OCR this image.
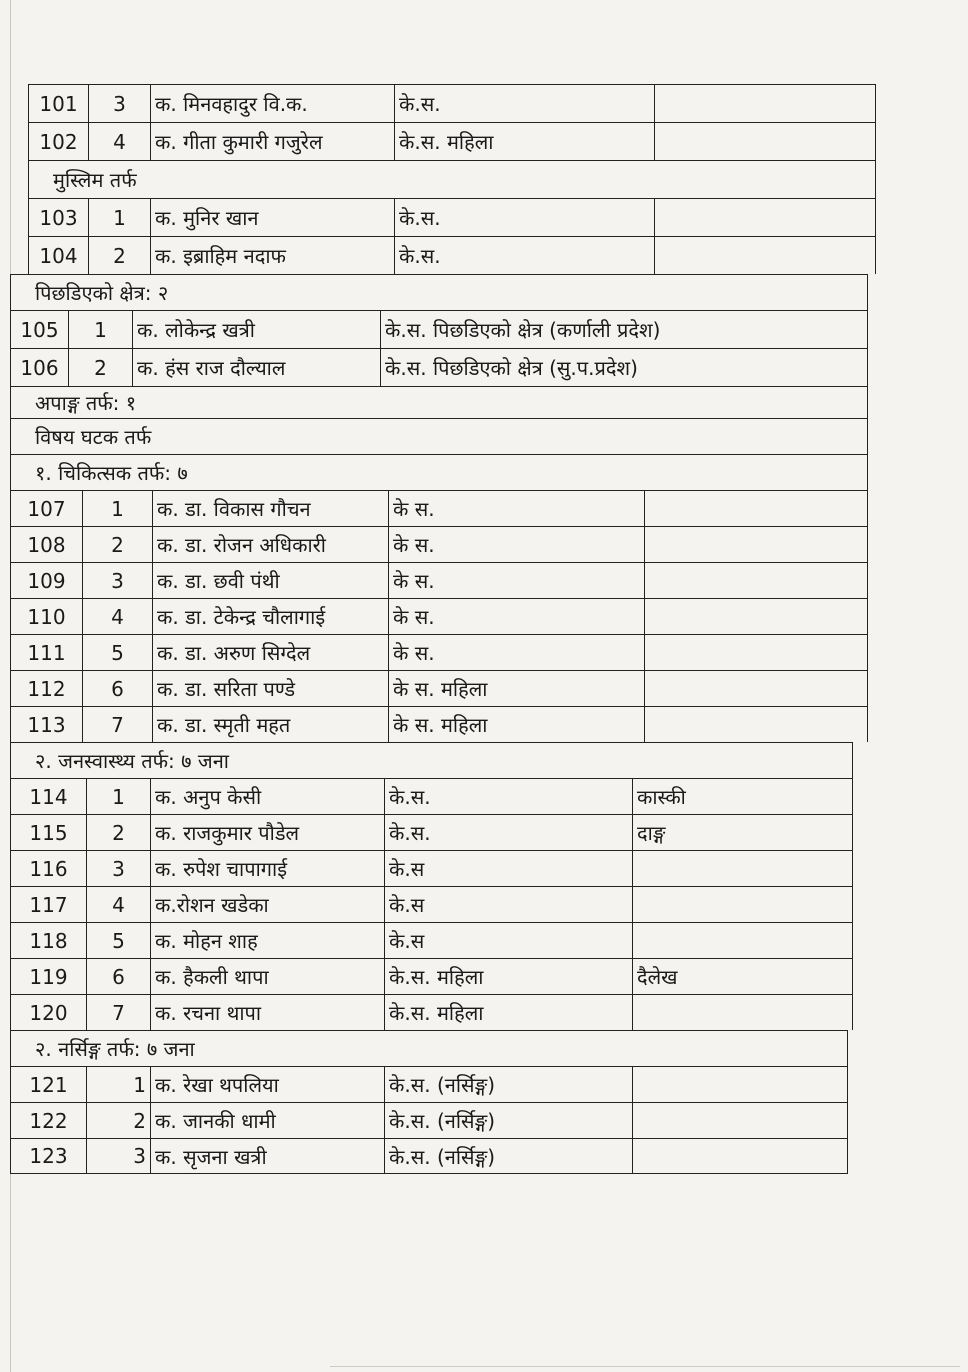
101	3	क. मिनवहादुर वि.क.	के.स.
102	4	क. गीता कुमारी गजुरेल	के.स. महिला
मुस्लिम तर्फ
103	1	क. मुनिर खान	के.स.
104	2	क. इब्राहिम नदाफ	के.स.
पिछडिएको क्षेत्र: २
105	1	क. लोकेन्द्र खत्री	के.स. पिछडिएको क्षेत्र (कर्णाली प्रदेश)
106	2	क. हंस राज दौल्याल	के.स. पिछडिएको क्षेत्र (सु.प.प्रदेश)
अपाङ्ग तर्फ: १
विषय घटक तर्फ
१. चिकित्सक तर्फ: ७
107	1	क. डा. विकास गौचन	के स.
108	2	क. डा. रोजन अधिकारी	के स.
109	3	क. डा. छवी पंथी	के स.
110	4	क. डा. टेकेन्द्र चौलागाई	के स.
111	5	क. डा. अरुण सिग्देल	के स.
112	6	क. डा. सरिता पण्डे	के स. महिला
113	7	क. डा. स्मृती महत	के स. महिला
२. जनस्वास्थ्य तर्फ: ७ जना
114	1	क. अनुप केसी	के.स.	कास्की
115	2	क. राजकुमार पौडेल	के.स.	दाङ्ग
116	3	क. रुपेश चापागाई	के.स
117	4	क.रोशन खडेका	के.स
118	5	क. मोहन शाह	के.स
119	6	क. हैकली थापा	के.स. महिला	दैलेख
120	7	क. रचना थापा	के.स. महिला
२. नर्सिङ्ग तर्फ: ७ जना
121	1 क. रेखा थपलिया	के.स. (नर्सिङ्ग)
122	2 क. जानकी धामी	के.स. (नर्सिङ्ग)
123	3 क. सृजना खत्री	के.स. (नर्सिङ्ग)
